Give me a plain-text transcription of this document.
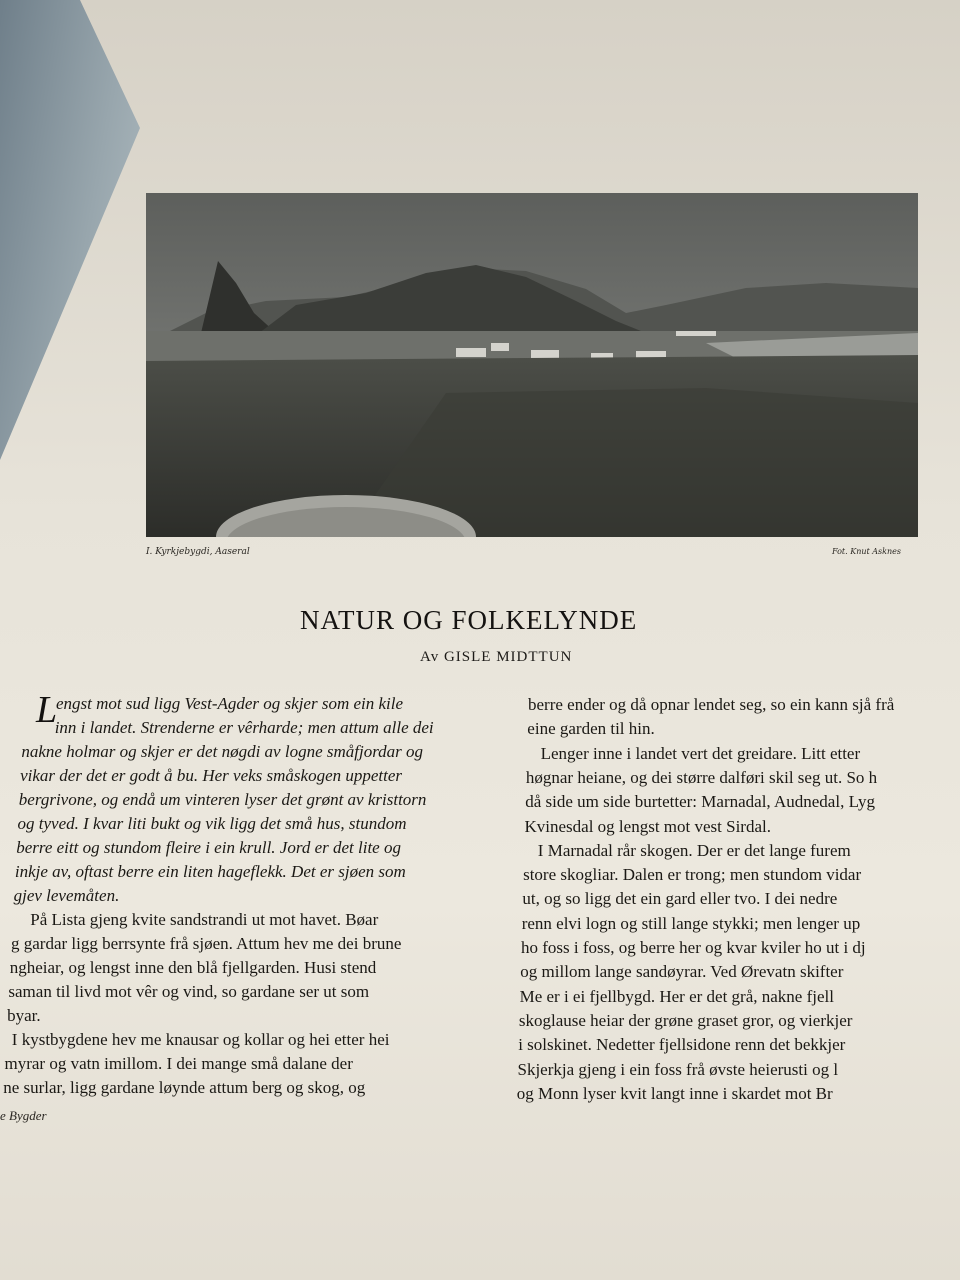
I. Kyrkjebygdi, Aaseral	Fot. Knut Asknes
NATUR OG FOLKELYNDE
Av GISLE MIDTTUN
L
engst mot sud ligg Vest-Agder og skjer som ein kile
inn i landet. Strenderne er vêrharde; men attum alle dei
nakne holmar og skjer er det nøgdi av logne småfjordar og
vikar der det er godt å bu. Her veks småskogen uppetter
bergrivone, og endå um vinteren lyser det grønt av kristtorn
og tyved. I kvar liti bukt og vik ligg det små hus, stundom
berre eitt og stundom fleire i ein krull. Jord er det lite og
inkje av, oftast berre ein liten hageflekk. Det er sjøen som
gjev levemåten.
På Lista gjeng kvite sandstrandi ut mot havet. Bøar
g gardar ligg berrsynte frå sjøen. Attum hev me dei brune
ngheiar, og lengst inne den blå fjellgarden. Husi stend
saman til livd mot vêr og vind, so gardane ser ut som
byar.
I kystbygdene hev me knausar og kollar og hei etter hei
myrar og vatn imillom. I dei mange små dalane der
ne surlar, ligg gardane løynde attum berg og skog, og
berre ender og då opnar lendet seg, so ein kann sjå frå
eine garden til hin.
Lenger inne i landet vert det greidare. Litt etter
høgnar heiane, og dei større dalføri skil seg ut. So h
då side um side burtetter: Marnadal, Audnedal, Lyg
Kvinesdal og lengst mot vest Sirdal.
I Marnadal rår skogen. Der er det lange furem
store skogliar. Dalen er trong; men stundom vidar
ut, og so ligg det ein gard eller tvo. I dei nedre
renn elvi logn og still lange stykki; men lenger up
ho foss i foss, og berre her og kvar kviler ho ut i dj
og millom lange sandøyrar. Ved Ørevatn skifter
Me er i ei fjellbygd. Her er det grå, nakne fjell
skoglause heiar der grøne graset gror, og vierkjer
i solskinet. Nedetter fjellsidone renn det bekkjer
Skjerkja gjeng i ein foss frå øvste heierusti og l
og Monn lyser kvit langt inne i skardet mot Br
e Bygder
